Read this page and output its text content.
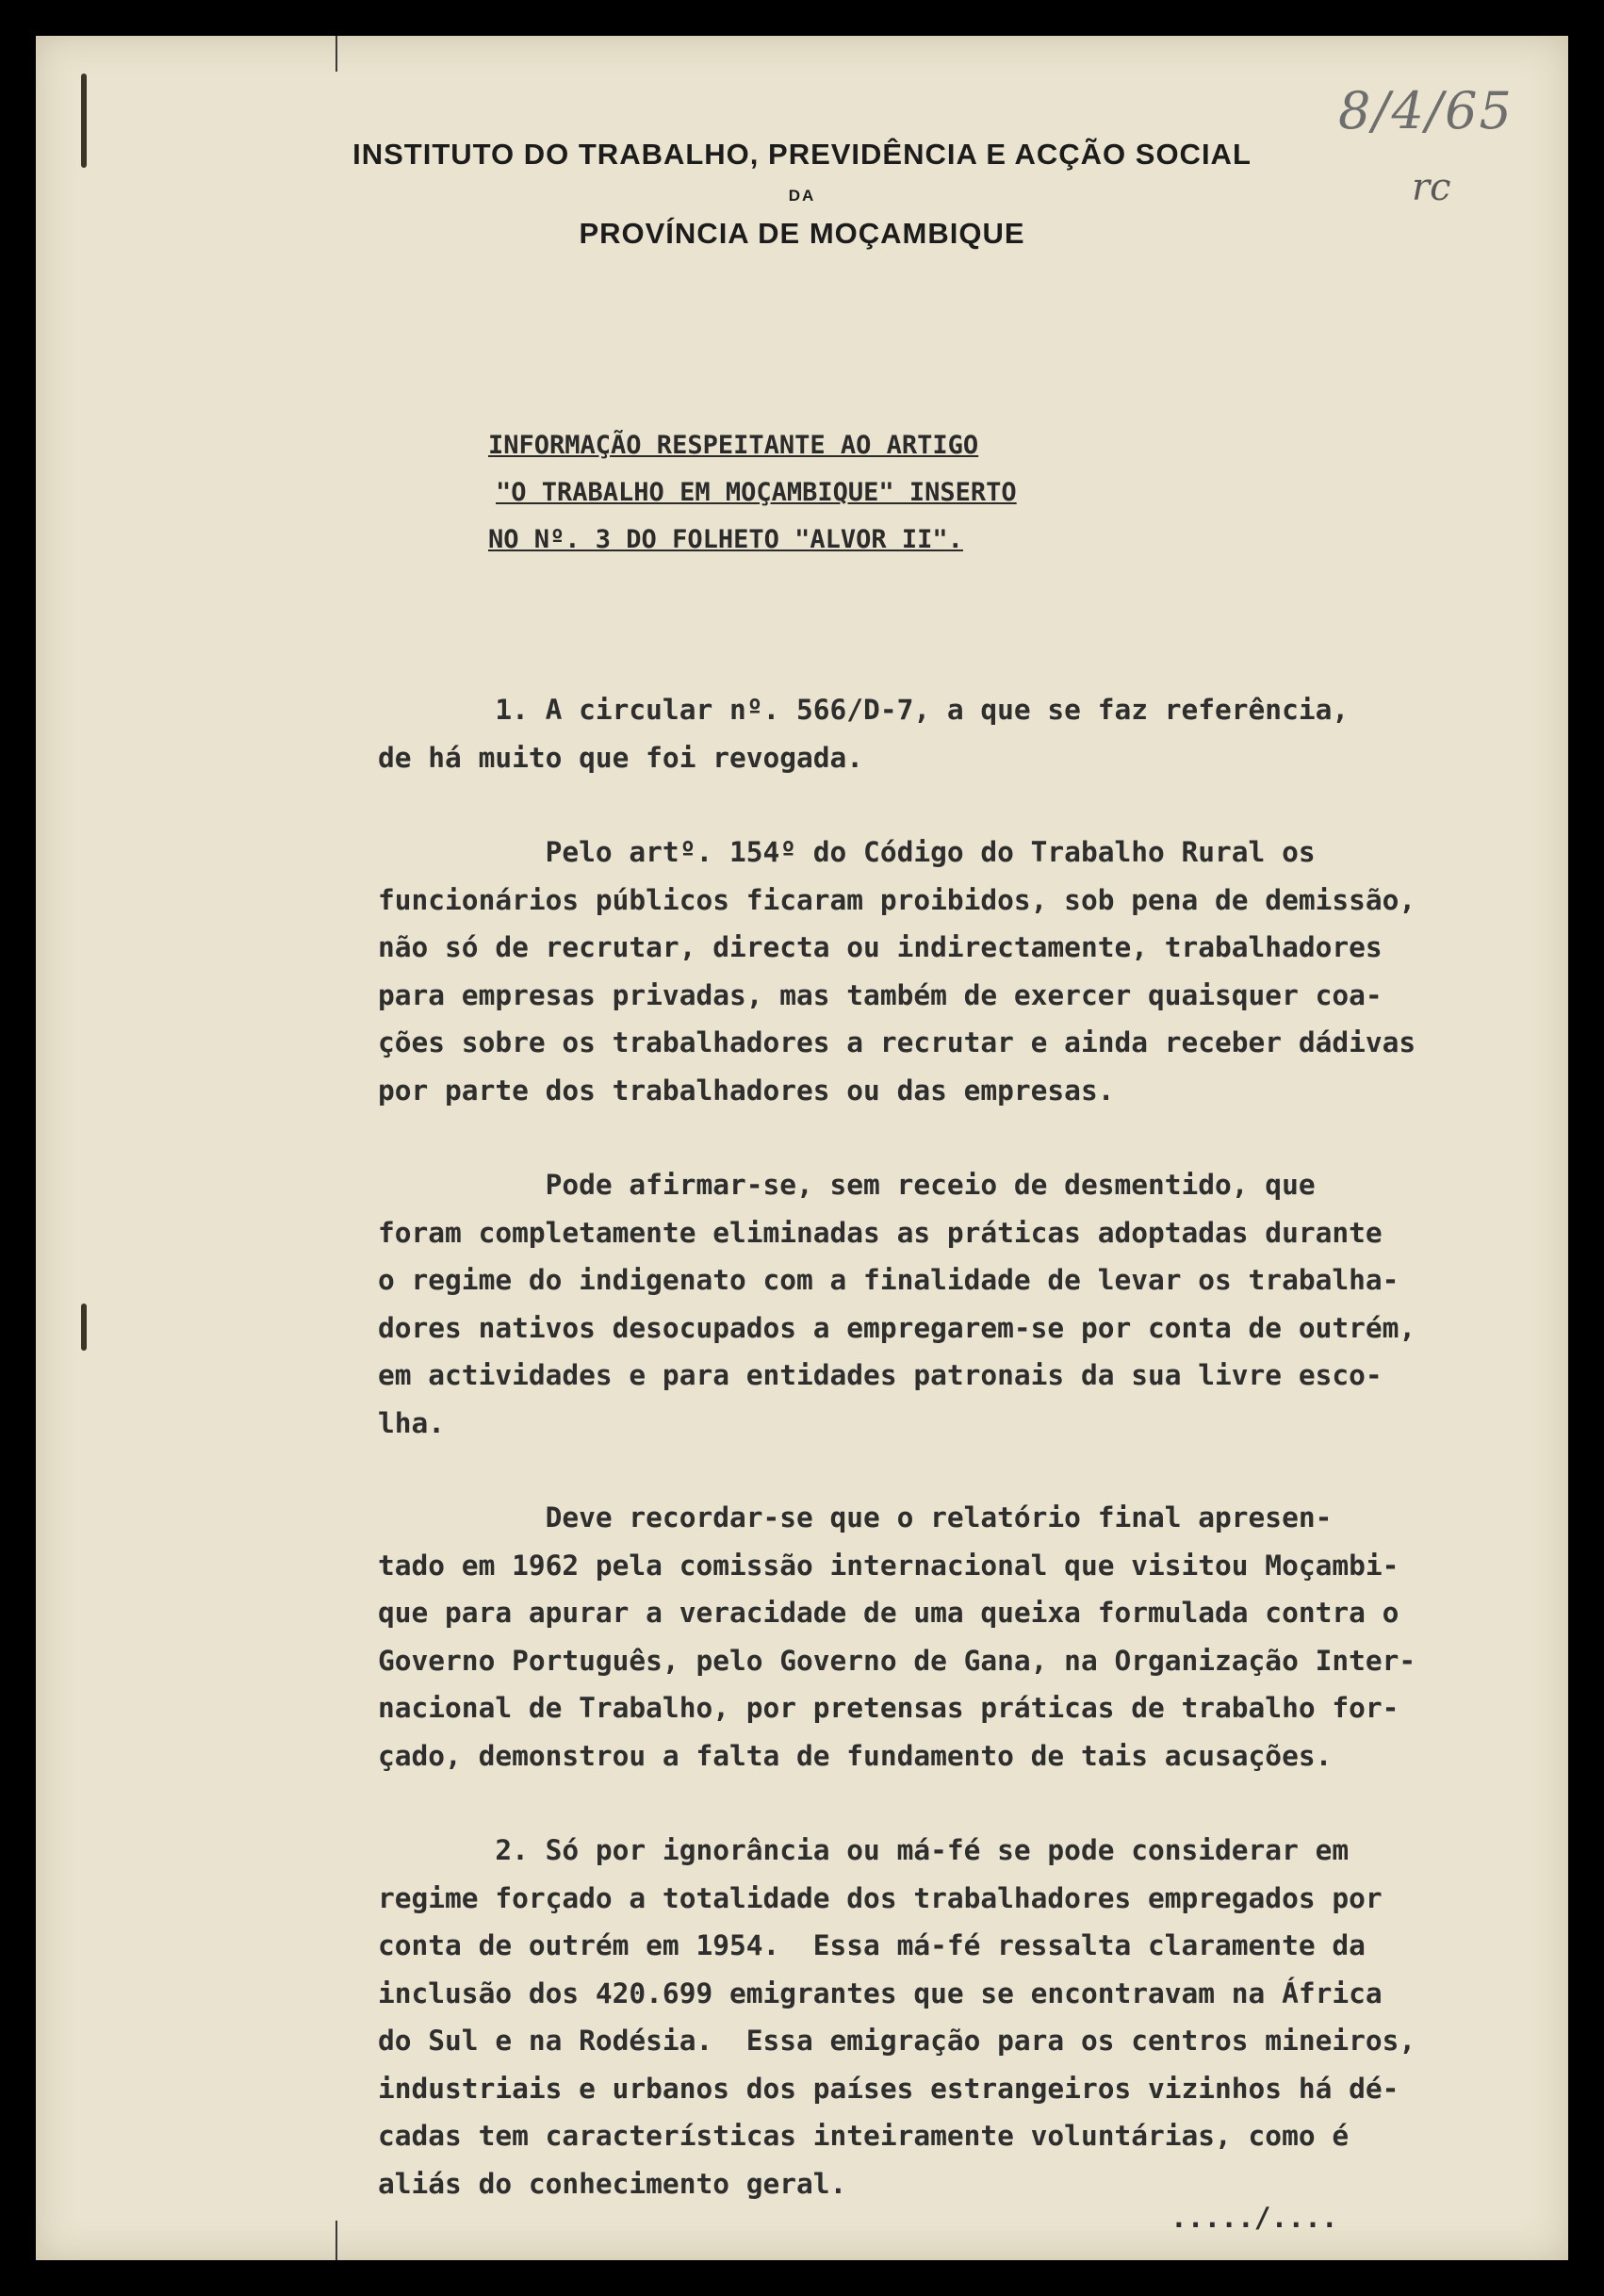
8/4/65
rc
INSTITUTO DO TRABALHO, PREVIDÊNCIA E ACÇÃO SOCIAL
DA
PROVÍNCIA DE MOÇAMBIQUE
INFORMAÇÃO RESPEITANTE AO ARTIGO
"O TRABALHO EM MOÇAMBIQUE" INSERTO
NO Nº. 3 DO FOLHETO "ALVOR II".
1. A circular nº. 566/D-7, a que se faz referência,
de há muito que foi revogada.
Pelo artº. 154º do Código do Trabalho Rural os
funcionários públicos ficaram proibidos, sob pena de demissão,
não só de recrutar, directa ou indirectamente, trabalhadores
para empresas privadas, mas também de exercer quaisquer coa-
ções sobre os trabalhadores a recrutar e ainda receber dádivas
por parte dos trabalhadores ou das empresas.
Pode afirmar-se, sem receio de desmentido, que
foram completamente eliminadas as práticas adoptadas durante
o regime do indigenato com a finalidade de levar os trabalha-
dores nativos desocupados a empregarem-se por conta de outrém,
em actividades e para entidades patronais da sua livre esco-
lha.
Deve recordar-se que o relatório final apresen-
tado em 1962 pela comissão internacional que visitou Moçambi-
que para apurar a veracidade de uma queixa formulada contra o
Governo Português, pelo Governo de Gana, na Organização Inter-
nacional de Trabalho, por pretensas práticas de trabalho for-
çado, demonstrou a falta de fundamento de tais acusações.
2. Só por ignorância ou má-fé se pode considerar em
regime forçado a totalidade dos trabalhadores empregados por
conta de outrém em 1954.  Essa má-fé ressalta claramente da
inclusão dos 420.699 emigrantes que se encontravam na África
do Sul e na Rodésia.  Essa emigração para os centros mineiros,
industriais e urbanos dos países estrangeiros vizinhos há dé-
cadas tem características inteiramente voluntárias, como é
aliás do conhecimento geral.
...../....
